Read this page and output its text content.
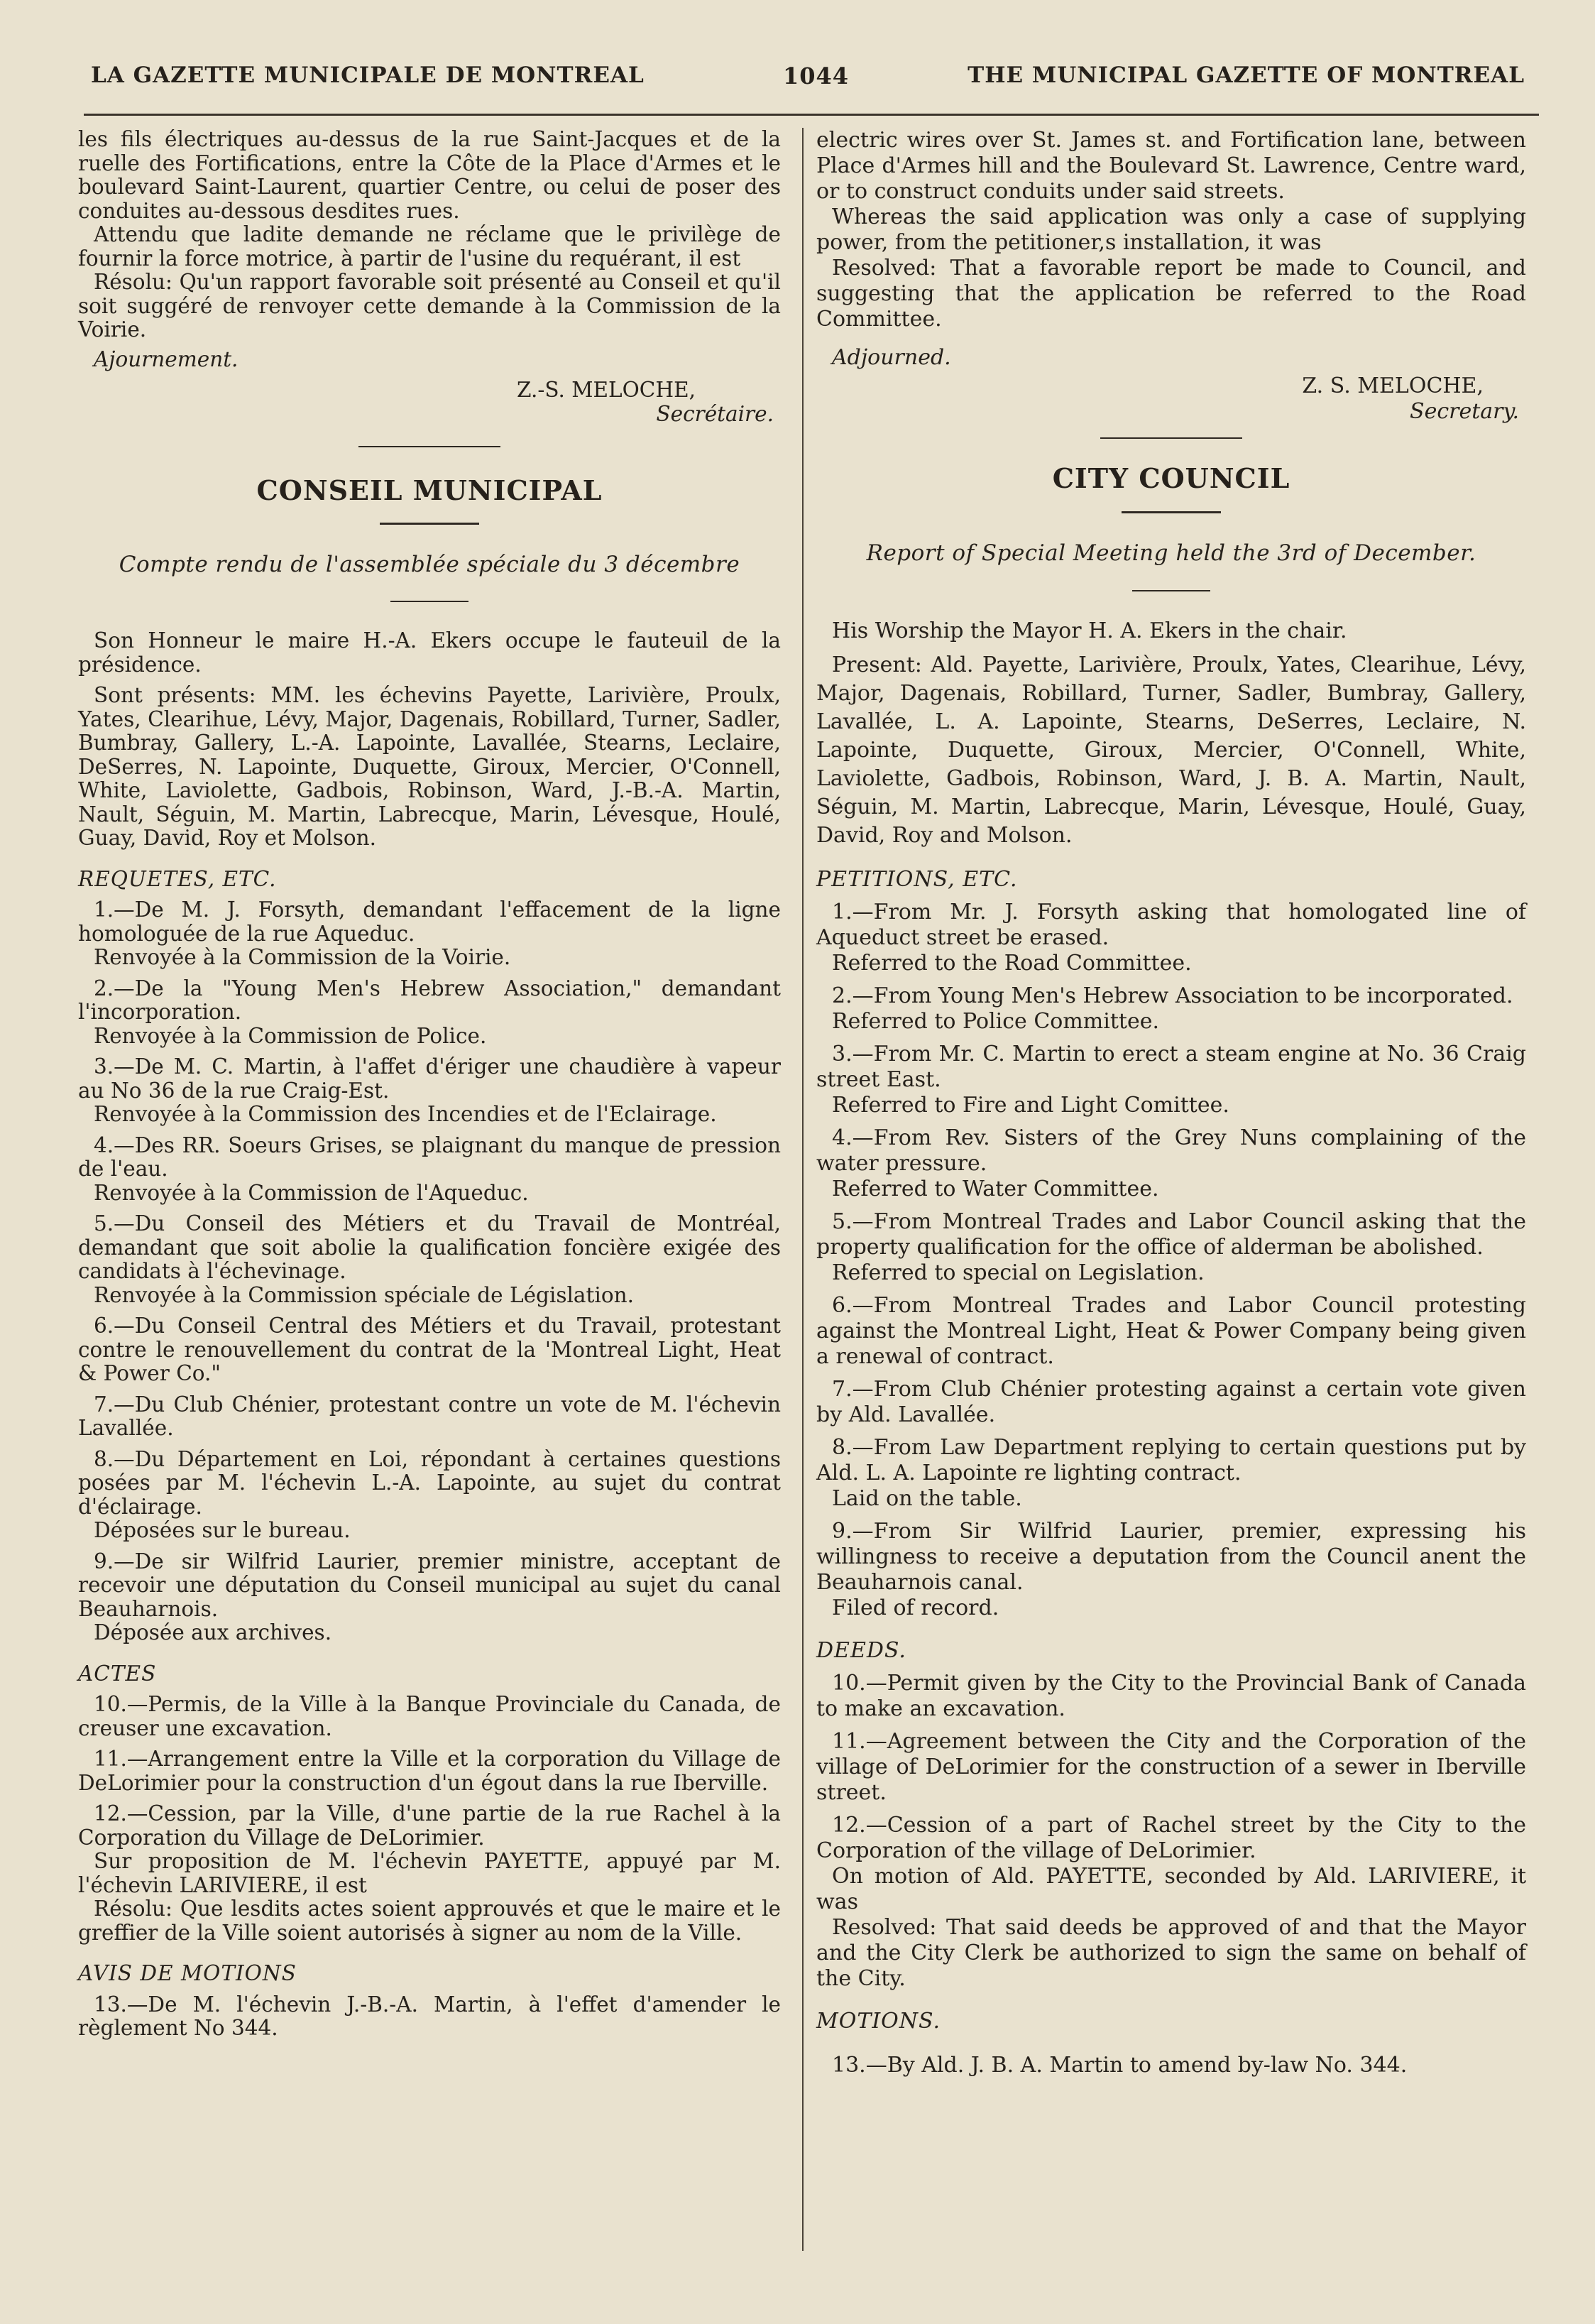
LA GAZETTE MUNICIPALE DE MONTREAL	1044	THE MUNICIPAL GAZETTE OF MONTREAL

les fils électriques au-dessus de la rue Saint-Jacques et de la ruelle des Fortifications, entre la Côte de la Place d'Armes et le boulevard Saint-Laurent, quartier Centre, ou celui de poser des conduites au-dessous desdites rues.

Attendu que ladite demande ne réclame que le privilège de fournir la force motrice, à partir de l'usine du requérant, il est

Résolu: Qu'un rapport favorable soit présenté au Conseil et qu'il soit suggéré de renvoyer cette demande à la Commission de la Voirie.

Ajournement.

Z.-S. MELOCHE,

Secrétaire.

CONSEIL MUNICIPAL

Compte rendu de l'assemblée spéciale du 3 décembre

Son Honneur le maire H.-A. Ekers occupe le fauteuil de la présidence.

Sont présents: MM. les échevins Payette, Larivière, Proulx, Yates, Clearihue, Lévy, Major, Dagenais, Robillard, Turner, Sadler, Bumbray, Gallery, L.-A. Lapointe, Lavallée, Stearns, Leclaire, DeSerres, N. Lapointe, Duquette, Giroux, Mercier, O'Connell, White, Laviolette, Gadbois, Robinson, Ward, J.-B.-A. Martin, Nault, Séguin, M. Martin, Labrecque, Marin, Lévesque, Houlé, Guay, David, Roy et Molson.

REQUETES, ETC.

1.—De M. J. Forsyth, demandant l'effacement de la ligne homologuée de la rue Aqueduc.

Renvoyée à la Commission de la Voirie.

2.—De la "Young Men's Hebrew Association," demandant l'incorporation.

Renvoyée à la Commission de Police.

3.—De M. C. Martin, à l'affet d'ériger une chaudière à vapeur au No 36 de la rue Craig-Est.

Renvoyée à la Commission des Incendies et de l'Eclairage.

4.—Des RR. Soeurs Grises, se plaignant du manque de pression de l'eau.

Renvoyée à la Commission de l'Aqueduc.

5.—Du Conseil des Métiers et du Travail de Montréal, demandant que soit abolie la qualification foncière exigée des candidats à l'échevinage.

Renvoyée à la Commission spéciale de Législation.

6.—Du Conseil Central des Métiers et du Travail, protestant contre le renouvellement du contrat de la 'Montreal Light, Heat & Power Co."

7.—Du Club Chénier, protestant contre un vote de M. l'échevin Lavallée.

8.—Du Département en Loi, répondant à certaines questions posées par M. l'échevin L.-A. Lapointe, au sujet du contrat d'éclairage.

Déposées sur le bureau.

9.—De sir Wilfrid Laurier, premier ministre, acceptant de recevoir une députation du Conseil municipal au sujet du canal Beauharnois.

Déposée aux archives.

ACTES

10.—Permis, de la Ville à la Banque Provinciale du Canada, de creuser une excavation.

11.—Arrangement entre la Ville et la corporation du Village de DeLorimier pour la construction d'un égout dans la rue Iberville.

12.—Cession, par la Ville, d'une partie de la rue Rachel à la Corporation du Village de DeLorimier.

Sur proposition de M. l'échevin PAYETTE, appuyé par M. l'échevin LARIVIERE, il est

Résolu: Que lesdits actes soient approuvés et que le maire et le greffier de la Ville soient autorisés à signer au nom de la Ville.

AVIS DE MOTIONS

13.—De M. l'échevin J.-B.-A. Martin, à l'effet d'amender le règlement No 344.

electric wires over St. James st. and Fortification lane, between Place d'Armes hill and the Boulevard St. Lawrence, Centre ward, or to construct conduits under said streets.

Whereas the said application was only a case of supplying power, from the petitioner,s installation, it was

Resolved: That a favorable report be made to Council, and suggesting that the application be referred to the Road Committee.

Adjourned.

Z. S. MELOCHE,

Secretary.

CITY COUNCIL

Report of Special Meeting held the 3rd of December.

His Worship the Mayor H. A. Ekers in the chair.

Present: Ald. Payette, Larivière, Proulx, Yates, Clearihue, Lévy, Major, Dagenais, Robillard, Turner, Sadler, Bumbray, Gallery, Lavallée, L. A. Lapointe, Stearns, DeSerres, Leclaire, N. Lapointe, Duquette, Giroux, Mercier, O'Connell, White, Laviolette, Gadbois, Robinson, Ward, J. B. A. Martin, Nault, Séguin, M. Martin, Labrecque, Marin, Lévesque, Houlé, Guay, David, Roy and Molson.

PETITIONS, ETC.

1.—From Mr. J. Forsyth asking that homologated line of Aqueduct street be erased.

Referred to the Road Committee.

2.—From Young Men's Hebrew Association to be incorporated.

Referred to Police Committee.

3.—From Mr. C. Martin to erect a steam engine at No. 36 Craig street East.

Referred to Fire and Light Comittee.

4.—From Rev. Sisters of the Grey Nuns complaining of the water pressure.

Referred to Water Committee.

5.—From Montreal Trades and Labor Council asking that the property qualification for the office of alderman be abolished.

Referred to special on Legislation.

6.—From Montreal Trades and Labor Council protesting against the Montreal Light, Heat & Power Company being given a renewal of contract.

7.—From Club Chénier protesting against a certain vote given by Ald. Lavallée.

8.—From Law Department replying to certain questions put by Ald. L. A. Lapointe re lighting contract.

Laid on the table.

9.—From Sir Wilfrid Laurier, premier, expressing his willingness to receive a deputation from the Council anent the Beauharnois canal.

Filed of record.

DEEDS.

10.—Permit given by the City to the Provincial Bank of Canada to make an excavation.

11.—Agreement between the City and the Corporation of the village of DeLorimier for the construction of a sewer in Iberville street.

12.—Cession of a part of Rachel street by the City to the Corporation of the village of DeLorimier.

On motion of Ald. PAYETTE, seconded by Ald. LARIVIERE, it was

Resolved: That said deeds be approved of and that the Mayor and the City Clerk be authorized to sign the same on behalf of the City.

MOTIONS.

13.—By Ald. J. B. A. Martin to amend by-law No. 344.
